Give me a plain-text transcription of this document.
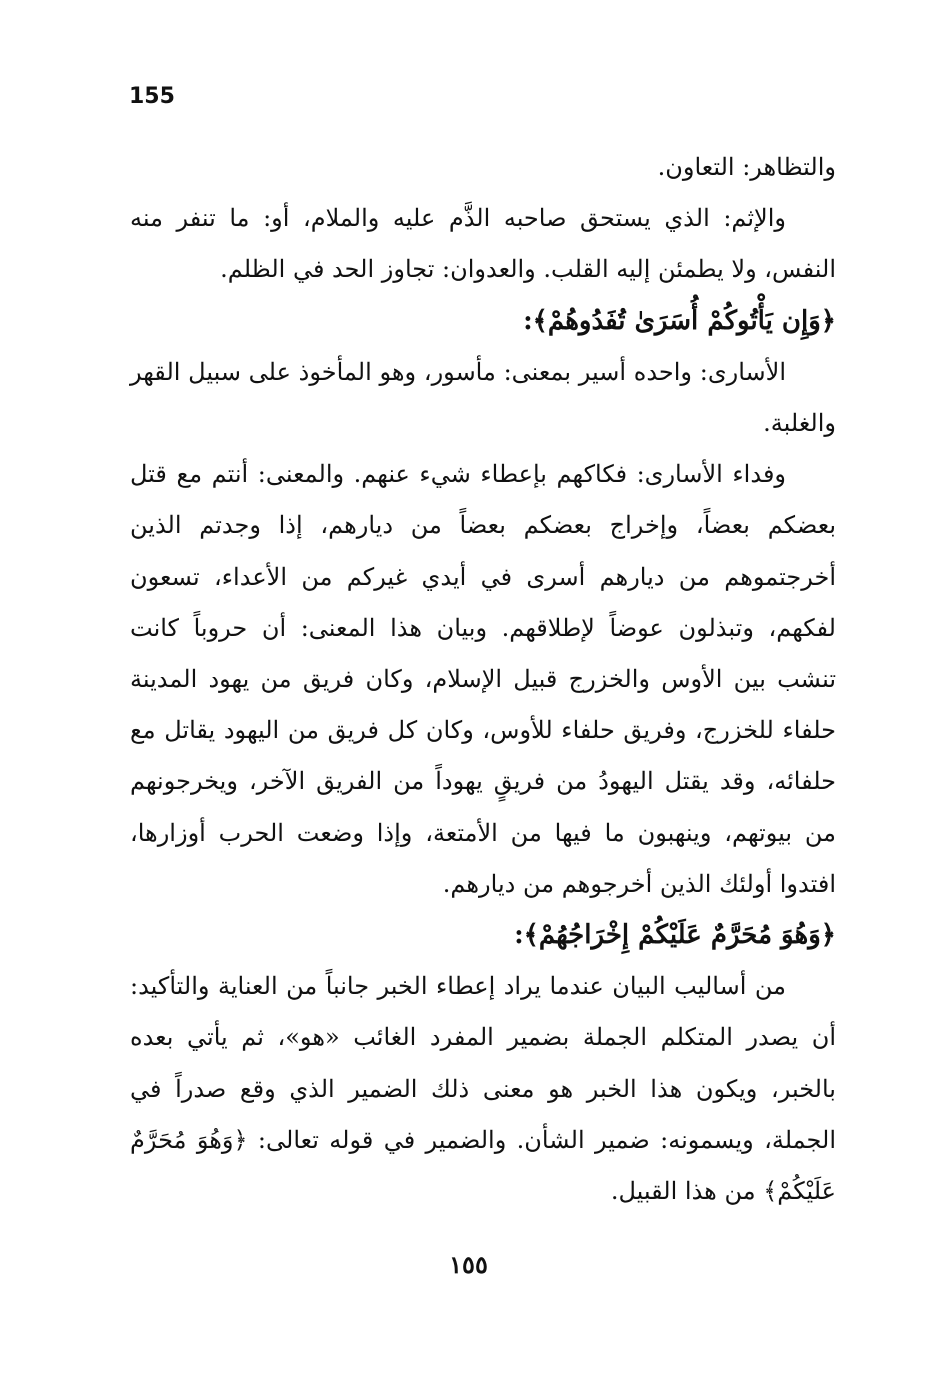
155

والتظاهر: التعاون.

والإثم: الذي يستحق صاحبه الذَّم عليه والملام، أو: ما تنفر منه النفس، ولا يطمئن إليه القلب. والعدوان: تجاوز الحد في الظلم.

﴿وَإِن يَأْتُوكُمْ أُسَرَىٰ تُفَدُوهُمْ﴾:

الأسارى: واحده أسير بمعنى: مأسور، وهو المأخوذ على سبيل القهر والغلبة.

وفداء الأسارى: فكاكهم بإعطاء شيء عنهم. والمعنى: أنتم مع قتل بعضكم بعضاً، وإخراج بعضكم بعضاً من ديارهم، إذا وجدتم الذين أخرجتموهم من ديارهم أسرى في أيدي غيركم من الأعداء، تسعون لفكهم، وتبذلون عوضاً لإطلاقهم. وبيان هذا المعنى: أن حروباً كانت تنشب بين الأوس والخزرج قبيل الإسلام، وكان فريق من يهود المدينة حلفاء للخزرج، وفريق حلفاء للأوس، وكان كل فريق من اليهود يقاتل مع حلفائه، وقد يقتل اليهودُ من فريقٍ يهوداً من الفريق الآخر، ويخرجونهم من بيوتهم، وينهبون ما فيها من الأمتعة، وإذا وضعت الحرب أوزارها، افتدوا أولئك الذين أخرجوهم من ديارهم.

﴿وَهُوَ مُحَرَّمٌ عَلَيْكُمْ إِخْرَاجُهُمْ﴾:

من أساليب البيان عندما يراد إعطاء الخبر جانباً من العناية والتأكيد: أن يصدر المتكلم الجملة بضمير المفرد الغائب «هو»، ثم يأتي بعده بالخبر، ويكون هذا الخبر هو معنى ذلك الضمير الذي وقع صدراً في الجملة، ويسمونه: ضمير الشأن. والضمير في قوله تعالى: ﴿وَهُوَ مُحَرَّمٌ عَلَيْكُمْ﴾ من هذا القبيل.

١٥٥
